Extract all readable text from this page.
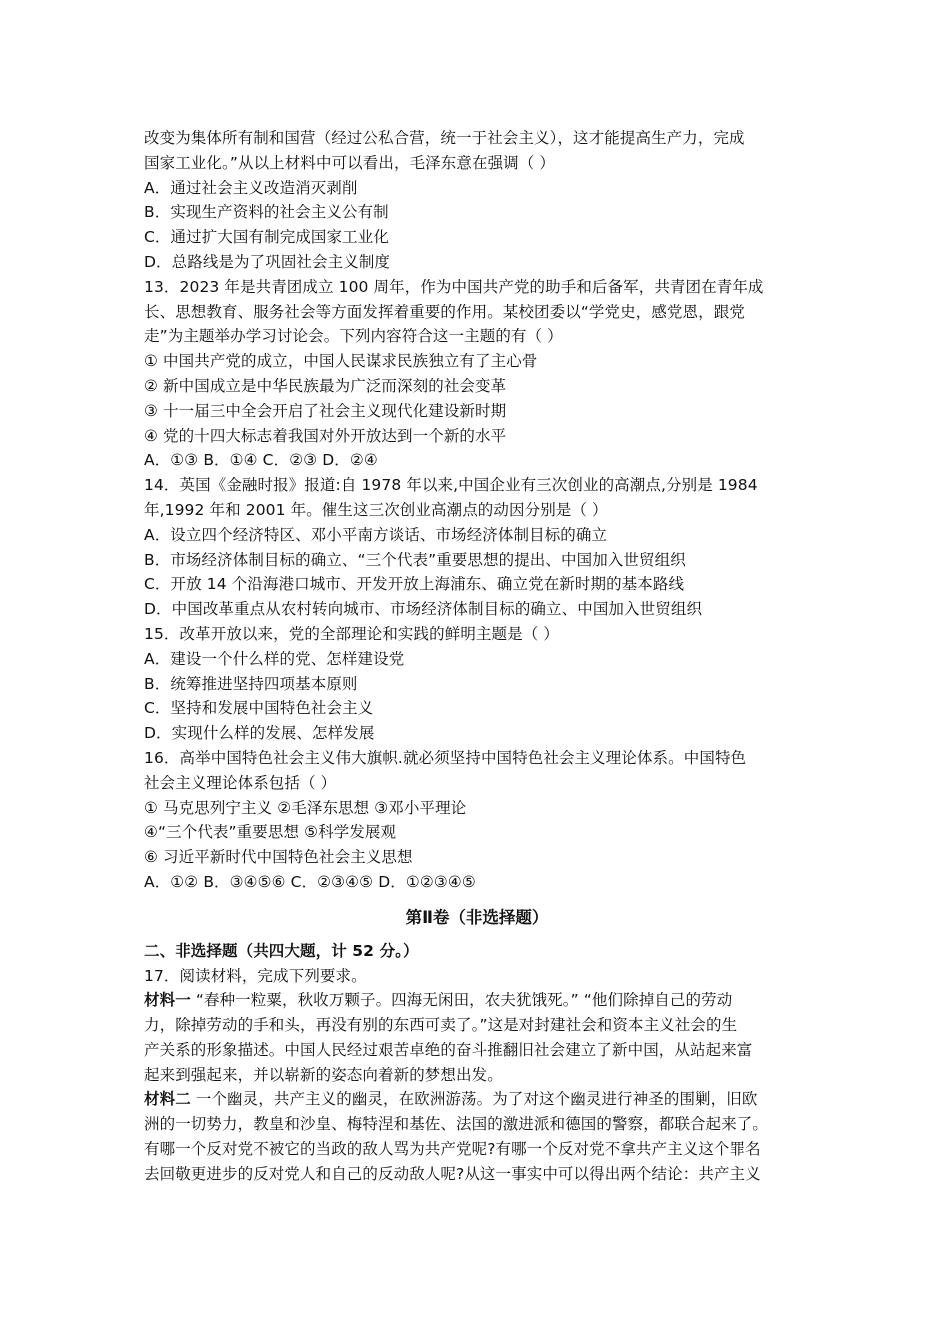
改变为集体所有制和国营（经过公私合营，统一于社会主义），这才能提高生产力，完成
国家工业化。”从以上材料中可以看出，毛泽东意在强调（ ）
A．通过社会主义改造消灭剥削
B．实现生产资料的社会主义公有制
C．通过扩大国有制完成国家工业化
D．总路线是为了巩固社会主义制度
13．2023 年是共青团成立 100 周年，作为中国共产党的助手和后备军，共青团在青年成
长、思想教育、服务社会等方面发挥着重要的作用。某校团委以“学党史，感党恩，跟党
走”为主题举办学习讨论会。下列内容符合这一主题的有（ ）
① 中国共产党的成立，中国人民谋求民族独立有了主心骨
② 新中国成立是中华民族最为广泛而深刻的社会变革
③ 十一届三中全会开启了社会主义现代化建设新时期
④ 党的十四大标志着我国对外开放达到一个新的水平
A．①③ B．①④ C．②③ D．②④
14．英国《金融时报》报道:自 1978 年以来,中国企业有三次创业的高潮点,分别是 1984
年,1992 年和 2001 年。催生这三次创业高潮点的动因分别是（ ）
A．设立四个经济特区、邓小平南方谈话、市场经济体制目标的确立
B．市场经济体制目标的确立、“三个代表”重要思想的提出、中国加入世贸组织
C．开放 14 个沿海港口城市、开发开放上海浦东、确立党在新时期的基本路线
D．中国改革重点从农村转向城市、市场经济体制目标的确立、中国加入世贸组织
15．改革开放以来，党的全部理论和实践的鲜明主题是（ ）
A．建设一个什么样的党、怎样建设党
B．统筹推进坚持四项基本原则
C．坚持和发展中国特色社会主义
D．实现什么样的发展、怎样发展
16．高举中国特色社会主义伟大旗帜.就必须坚持中国特色社会主义理论体系。中国特色
社会主义理论体系包括（ ）
① 马克思列宁主义 ②毛泽东思想 ③邓小平理论
④“三个代表”重要思想 ⑤科学发展观
⑥ 习近平新时代中国特色社会主义思想
A．①② B．③④⑤⑥ C．②③④⑤ D．①②③④⑤
第Ⅱ卷（非选择题）
二、非选择题（共四大题，计 52 分。）
17．阅读材料，完成下列要求。
材料一 “春种一粒粟，秋收万颗子。四海无闲田，农夫犹饿死。” “他们除掉自己的劳动
力，除掉劳动的手和头，再没有别的东西可卖了。”这是对封建社会和资本主义社会的生
产关系的形象描述。中国人民经过艰苦卓绝的奋斗推翻旧社会建立了新中国，从站起来富
起来到强起来，并以崭新的姿态向着新的梦想出发。
材料二 一个幽灵，共产主义的幽灵，在欧洲游荡。为了对这个幽灵进行神圣的围剿，旧欧
洲的一切势力，教皇和沙皇、梅特涅和基佐、法国的激进派和德国的警察，都联合起来了。
有哪一个反对党不被它的当政的敌人骂为共产党呢?有哪一个反对党不拿共产主义这个罪名
去回敬更进步的反对党人和自己的反动敌人呢?从这一事实中可以得出两个结论：共产主义
